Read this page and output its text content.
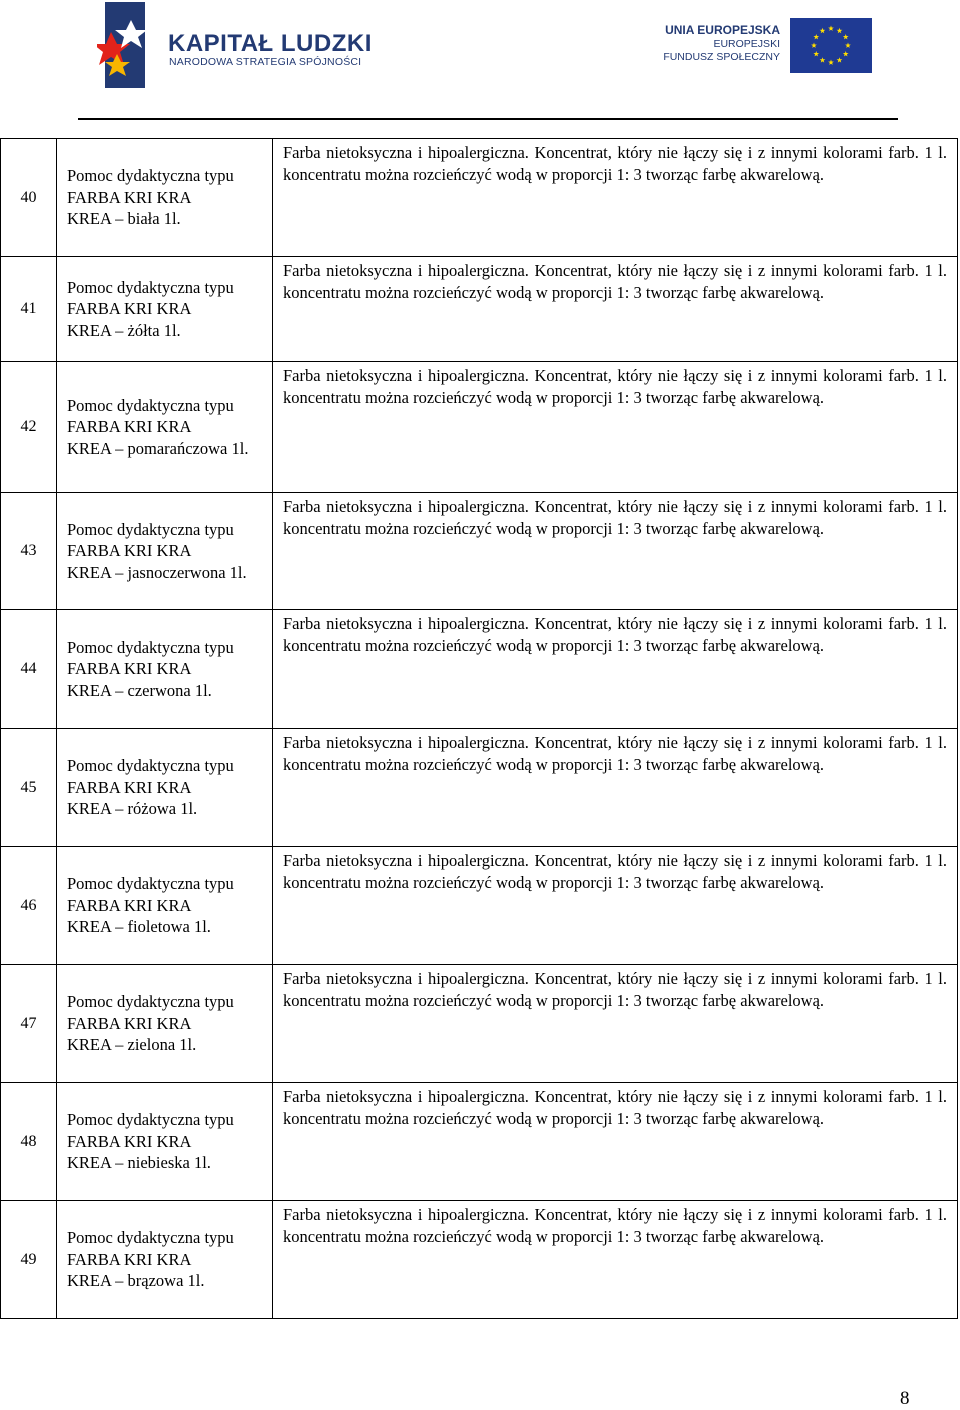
KAPITAŁ LUDZKI
NARODOWA STRATEGIA SPÓJNOŚCI
UNIA EUROPEJSKA
EUROPEJSKI
FUNDUSZ SPOŁECZNY
40	Pomoc dydaktyczna typu
FARBA KRI KRA
KREA – biała 1l.	Farba nietoksyczna i hipoalergiczna. Koncentrat, który nie łączy się i z innymi kolorami farb. 1 l. koncentratu można rozcieńczyć wodą w proporcji 1: 3 tworząc farbę akwarelową.

41	Pomoc dydaktyczna typu
FARBA KRI KRA
KREA – żółta 1l.	Farba nietoksyczna i hipoalergiczna. Koncentrat, który nie łączy się i z innymi kolorami farb. 1 l. koncentratu można rozcieńczyć wodą w proporcji 1: 3 tworząc farbę akwarelową.

42	Pomoc dydaktyczna typu
FARBA KRI KRA
KREA – pomarańczowa 1l.	Farba nietoksyczna i hipoalergiczna. Koncentrat, który nie łączy się i z innymi kolorami farb. 1 l. koncentratu można rozcieńczyć wodą w proporcji 1: 3 tworząc farbę akwarelową.

43	Pomoc dydaktyczna typu
FARBA KRI KRA
KREA – jasnoczerwona 1l.	Farba nietoksyczna i hipoalergiczna. Koncentrat, który nie łączy się i z innymi kolorami farb. 1 l. koncentratu można rozcieńczyć wodą w proporcji 1: 3 tworząc farbę akwarelową.

44	Pomoc dydaktyczna typu
FARBA KRI KRA
KREA – czerwona 1l.	Farba nietoksyczna i hipoalergiczna. Koncentrat, który nie łączy się i z innymi kolorami farb. 1 l. koncentratu można rozcieńczyć wodą w proporcji 1: 3 tworząc farbę akwarelową.

45	Pomoc dydaktyczna typu
FARBA KRI KRA
KREA – różowa 1l.	Farba nietoksyczna i hipoalergiczna. Koncentrat, który nie łączy się i z innymi kolorami farb. 1 l. koncentratu można rozcieńczyć wodą w proporcji 1: 3 tworząc farbę akwarelową.

46	Pomoc dydaktyczna typu
FARBA KRI KRA
KREA – fioletowa 1l.	Farba nietoksyczna i hipoalergiczna. Koncentrat, który nie łączy się i z innymi kolorami farb. 1 l. koncentratu można rozcieńczyć wodą w proporcji 1: 3 tworząc farbę akwarelową.

47	Pomoc dydaktyczna typu
FARBA KRI KRA
KREA – zielona 1l.	Farba nietoksyczna i hipoalergiczna. Koncentrat, który nie łączy się i z innymi kolorami farb. 1 l. koncentratu można rozcieńczyć wodą w proporcji 1: 3 tworząc farbę akwarelową.

48	Pomoc dydaktyczna typu
FARBA KRI KRA
KREA – niebieska 1l.	Farba nietoksyczna i hipoalergiczna. Koncentrat, który nie łączy się i z innymi kolorami farb. 1 l. koncentratu można rozcieńczyć wodą w proporcji 1: 3 tworząc farbę akwarelową.

49	Pomoc dydaktyczna typu
FARBA KRI KRA
KREA – brązowa 1l.	Farba nietoksyczna i hipoalergiczna. Koncentrat, który nie łączy się i z innymi kolorami farb. 1 l. koncentratu można rozcieńczyć wodą w proporcji 1: 3 tworząc farbę akwarelową.
8
